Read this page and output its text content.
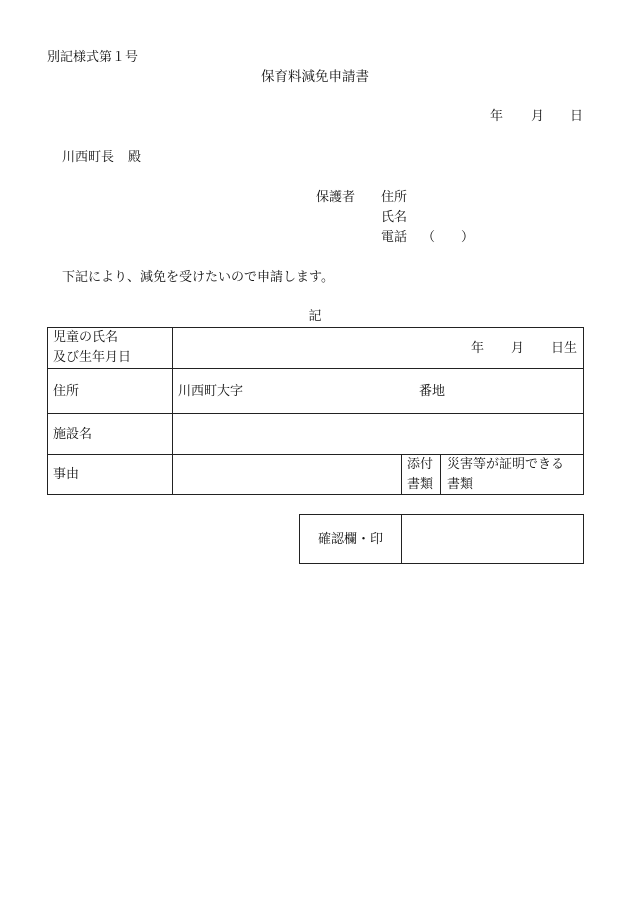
別記様式第１号
保育料減免申請書
年 月 日
川西町長 殿
保護者 住所
氏名
電話 （　　）
下記により、減免を受けたいので申請します。
記
児童の氏名
及び生年月日
年 月 日生
住所	川西町大字	番地
施設名
事由
添付
書類
災害等が証明できる
書類
確認欄・印
